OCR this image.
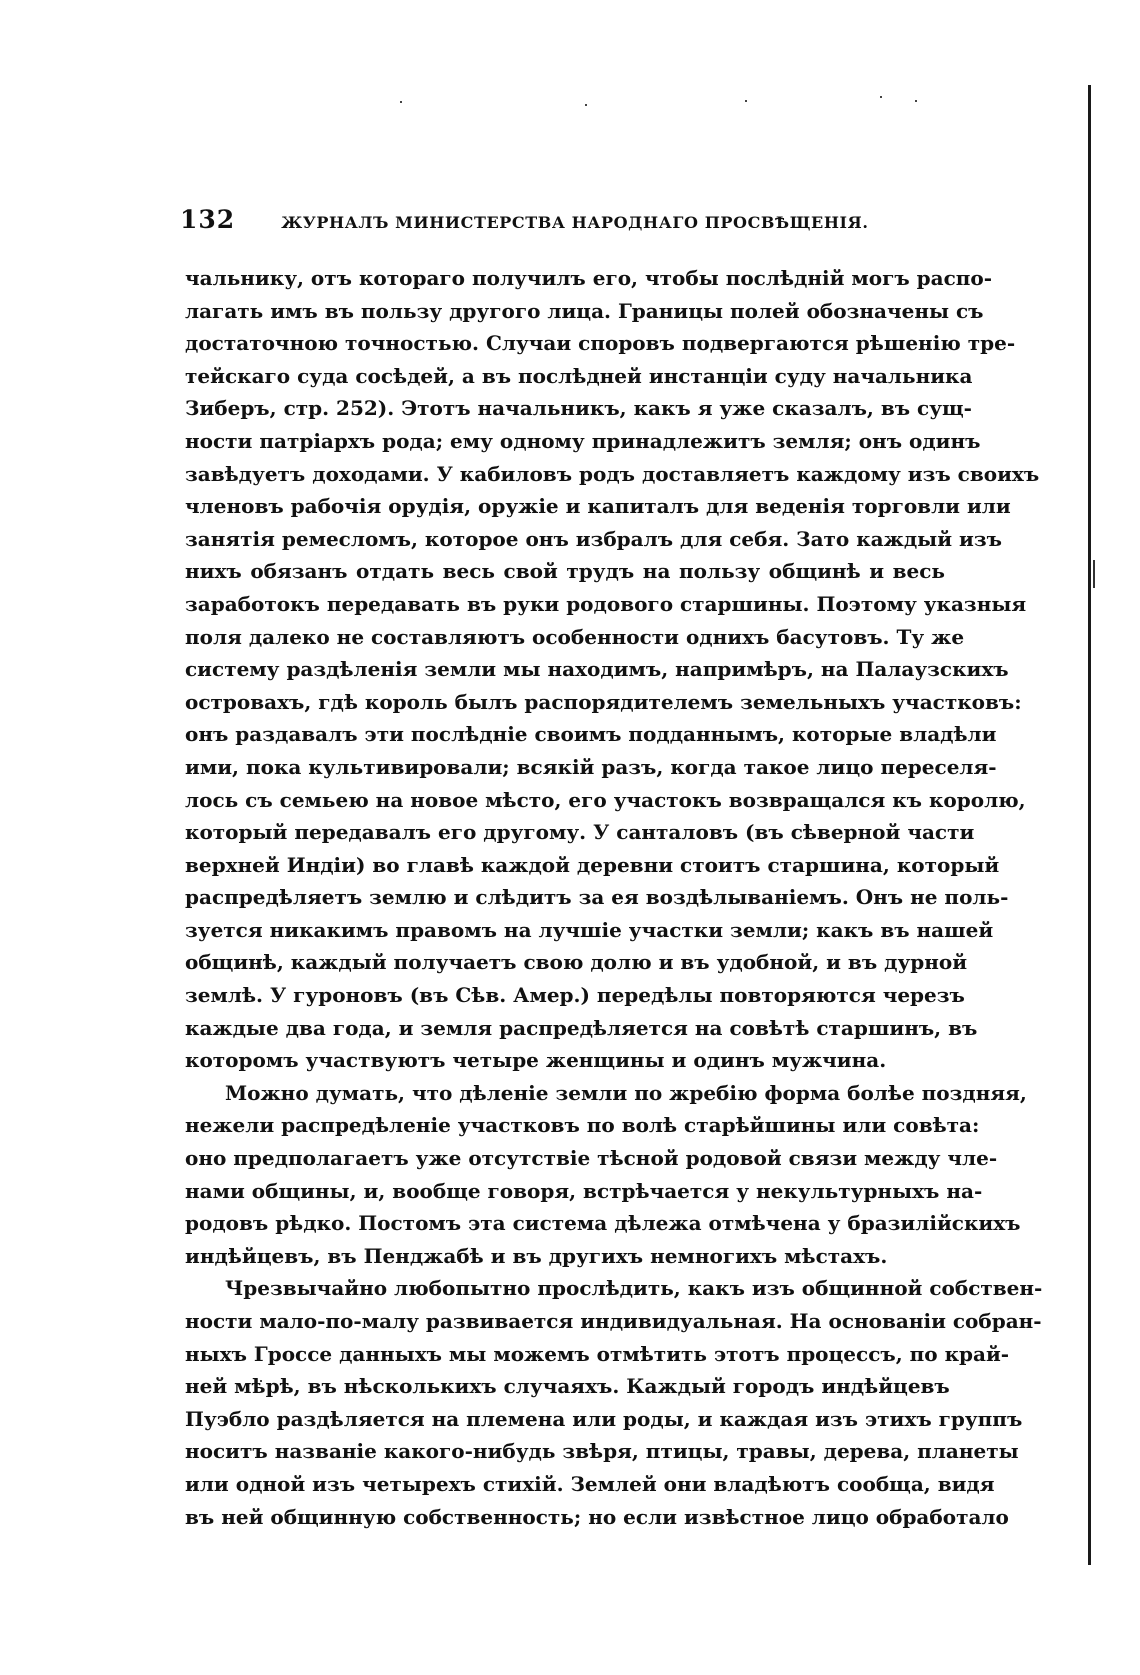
132	ЖУРНАЛЪ МИНИСТЕРСТВА НАРОДНАГО ПРОСВѢЩЕНІЯ.
чальнику, отъ котораго получилъ его, чтобы послѣдній могъ распо-
лагать имъ въ пользу другого лица. Границы полей обозначены съ
достаточною точностью. Случаи споровъ подвергаются рѣшенію тре-
тейскаго суда сосѣдей, а въ послѣдней инстанціи суду начальника
Зиберъ, стр. 252). Этотъ начальникъ, какъ я уже сказалъ, въ сущ-
ности патріархъ рода; ему одному принадлежитъ земля; онъ одинъ
завѣдуетъ доходами. У кабиловъ родъ доставляетъ каждому изъ своихъ
членовъ рабочія орудія, оружіе и капиталъ для веденія торговли или
занятія ремесломъ, которое онъ избралъ для себя. Зато каждый изъ
нихъ обязанъ отдать весь свой трудъ на пользу общинѣ и весь
заработокъ передавать въ руки родового старшины. Поэтому указныя
поля далеко не составляютъ особенности однихъ басутовъ. Ту же
систему раздѣленія земли мы находимъ, напримѣръ, на Палаузскихъ
островахъ, гдѣ король былъ распорядителемъ земельныхъ участковъ:
онъ раздавалъ эти послѣдніе своимъ подданнымъ, которые владѣли
ими, пока культивировали; всякій разъ, когда такое лицо переселя-
лось съ семьею на новое мѣсто, его участокъ возвращался къ королю,
который передавалъ его другому. У санталовъ (въ сѣверной части
верхней Индіи) во главѣ каждой деревни стоитъ старшина, который
распредѣляетъ землю и слѣдитъ за ея воздѣлываніемъ. Онъ не поль-
зуется никакимъ правомъ на лучшіе участки земли; какъ въ нашей
общинѣ, каждый получаетъ свою долю и въ удобной, и въ дурной
землѣ. У гуроновъ (въ Сѣв. Амер.) передѣлы повторяются черезъ
каждые два года, и земля распредѣляется на совѣтѣ старшинъ, въ
которомъ участвуютъ четыре женщины и одинъ мужчина.
Можно думать, что дѣленіе земли по жребію форма болѣе поздняя,
нежели распредѣленіе участковъ по волѣ старѣйшины или совѣта:
оно предполагаетъ уже отсутствіе тѣсной родовой связи между чле-
нами общины, и, вообще говоря, встрѣчается у некультурныхъ на-
родовъ рѣдко. Постомъ эта система дѣлежа отмѣчена у бразилійскихъ
индѣйцевъ, въ Пенджабѣ и въ другихъ немногихъ мѣстахъ.
Чрезвычайно любопытно прослѣдить, какъ изъ общинной собствен-
ности мало-по-малу развивается индивидуальная. На основаніи собран-
ныхъ Гроссе данныхъ мы можемъ отмѣтить этотъ процессъ, по край-
ней мѣрѣ, въ нѣсколькихъ случаяхъ. Каждый городъ индѣйцевъ
Пуэбло раздѣляется на племена или роды, и каждая изъ этихъ группъ
носитъ названіе какого-нибудь звѣря, птицы, травы, дерева, планеты
или одной изъ четырехъ стихій. Землей они владѣютъ сообща, видя
въ ней общинную собственность; но если извѣстное лицо обработало
